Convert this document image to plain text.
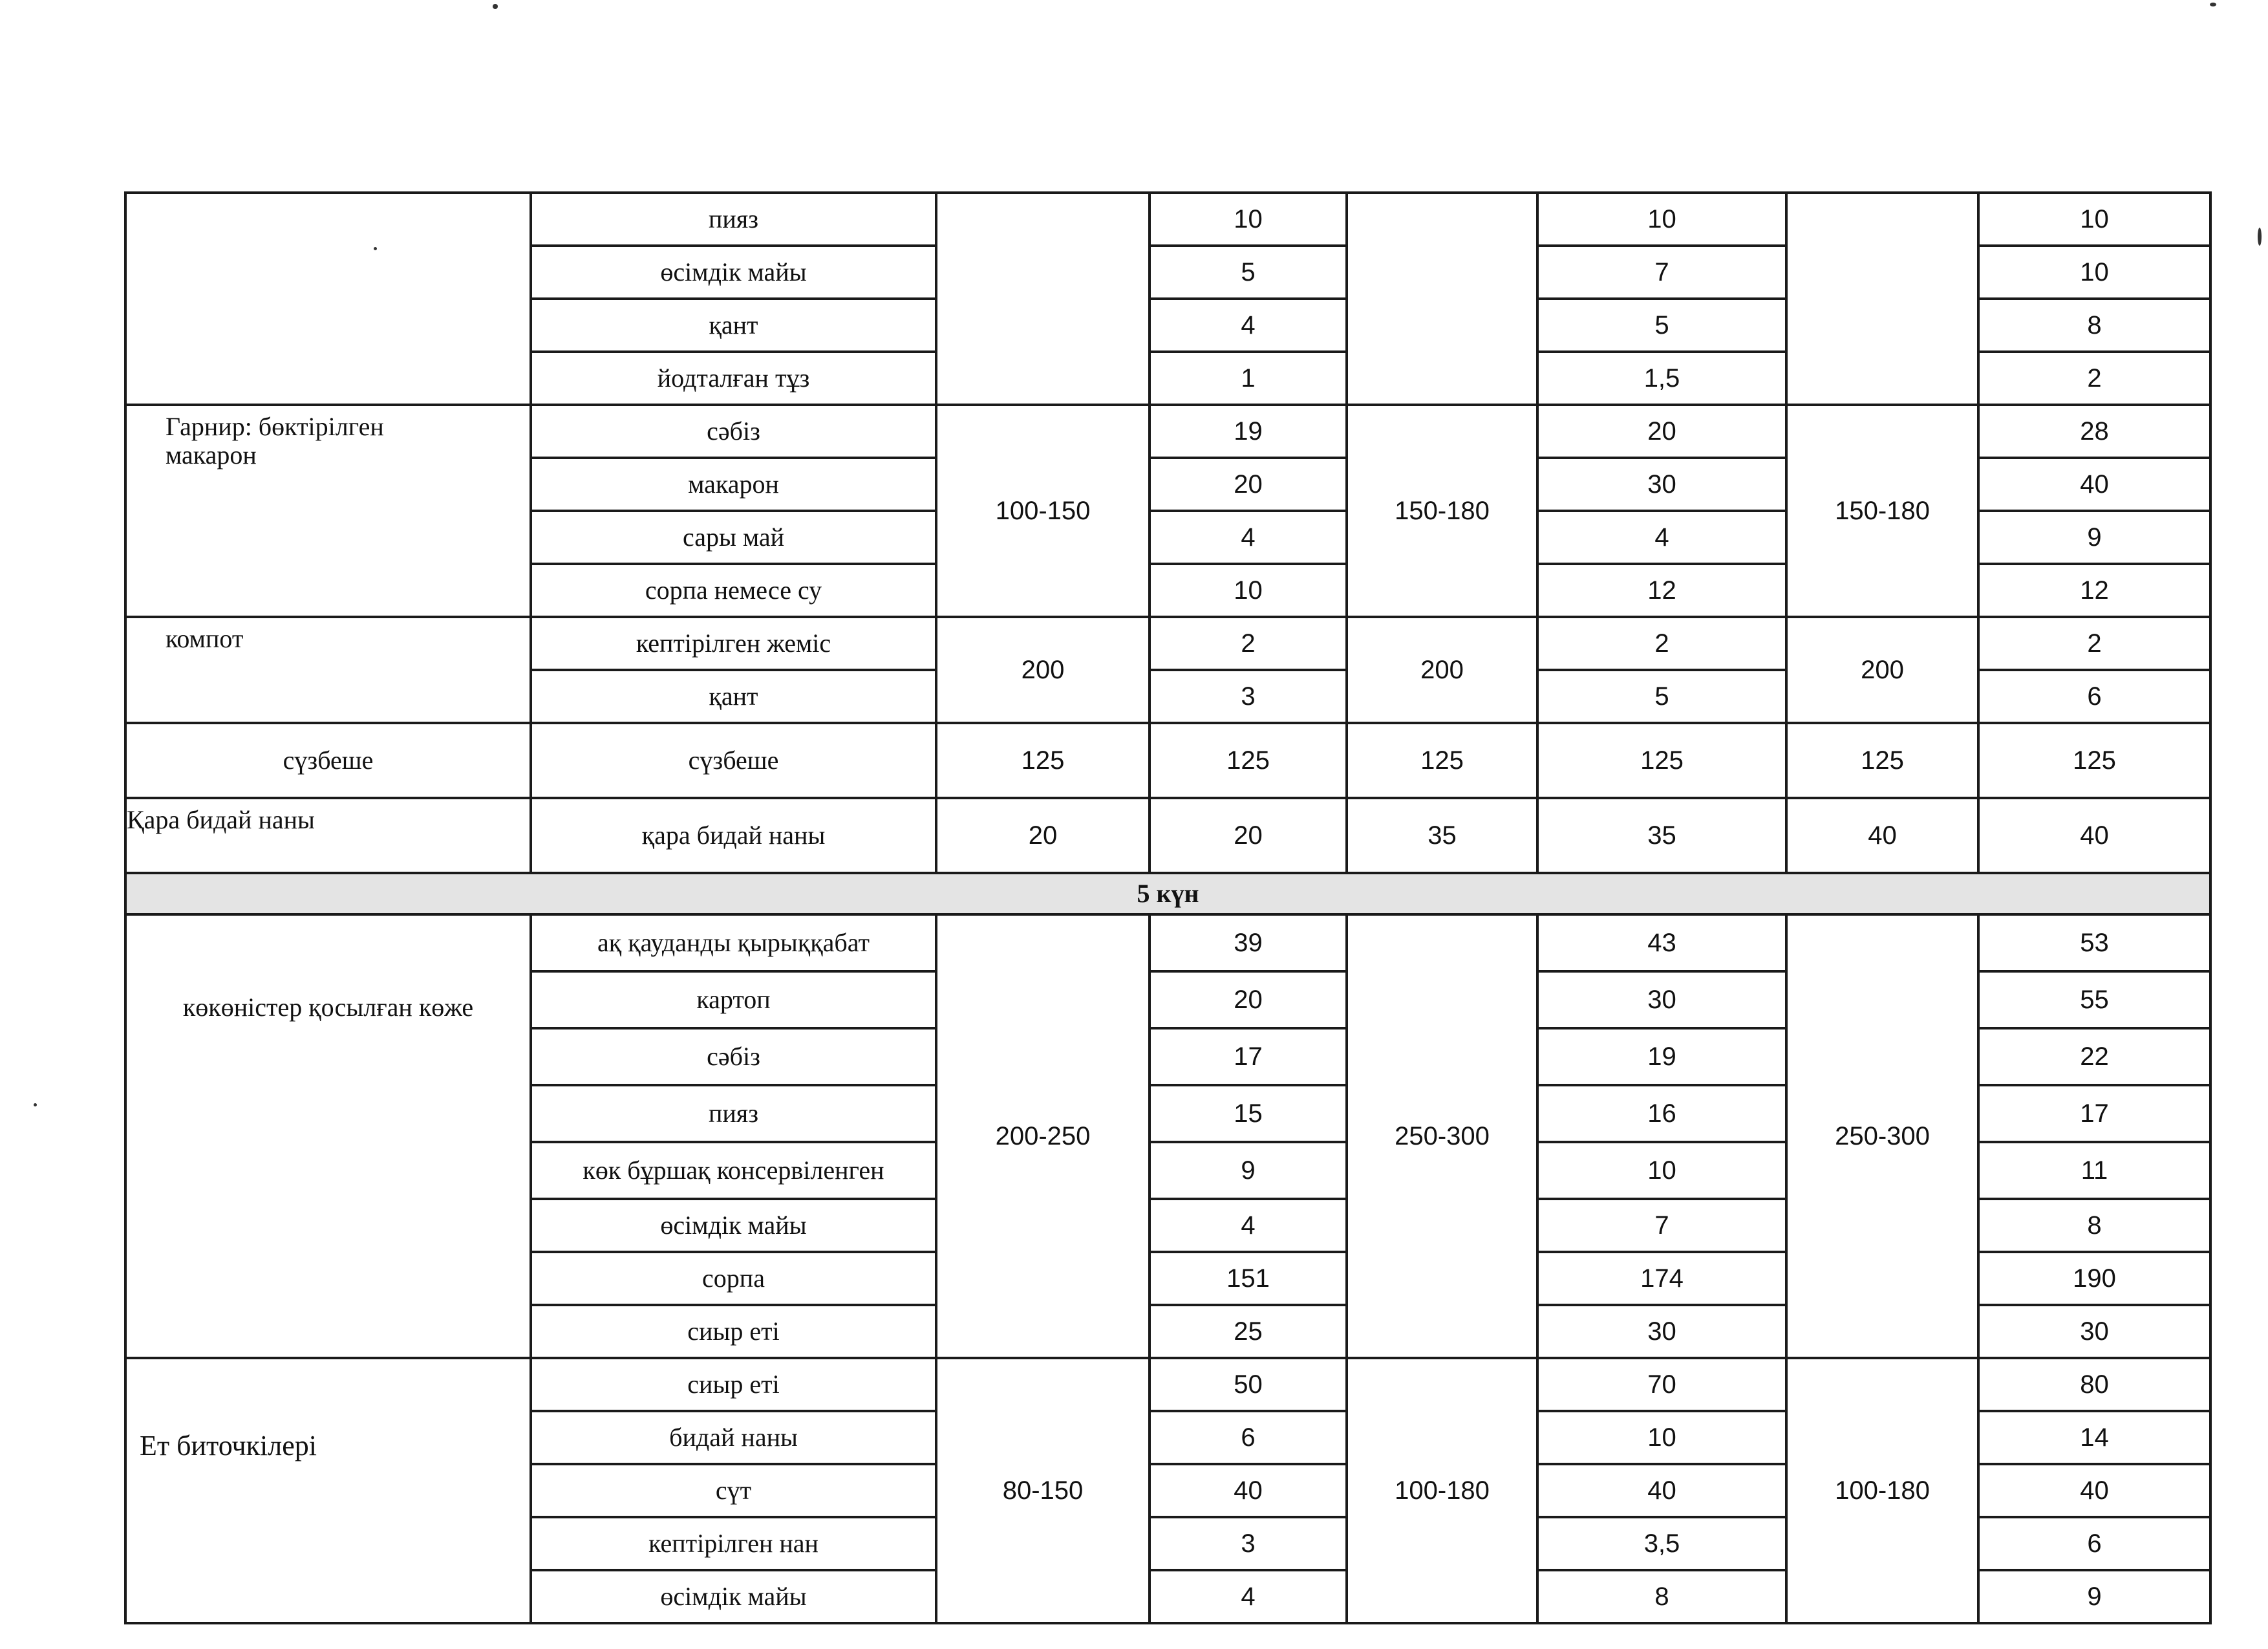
	пияз		10		10		10
	өсімдік майы		5		7		10
	қант		4		5		8
	йодталған тұз		1		1,5		2

Гарнир: бөктірілген
макарон	сәбіз	100-150	19	150-180	20	150-180	28
	макарон		20		30		40
	сары май		4		4		9
	сорпа немесе су		10		12		12
компот	кептірілген жеміс	200	2	200	2	200	2
	қант		3		5		6
сүзбеше	сүзбеше	125	125	125	125	125	125
Қара бидай наны	қара бидай наны	20	20	35	35	40	40
5 күн							
көкөністер қосылған көже	ақ қауданды қырыққабат	200-250	39	250-300	43	250-300	53
	картоп		20		30		55
	сәбіз		17		19		22
	пияз		15		16		17
	көк бұршақ консервіленген		9		10		11
	өсімдік майы		4		7		8
	сорпа		151		174		190
	сиыр еті		25		30		30
Ет биточкілері	сиыр еті	80-150	50	100-180	70	100-180	80
	бидай наны		6		10		14
	сүт		40		40		40
	кептірілген нан		3		3,5		6
	өсімдік майы		4		8		9
